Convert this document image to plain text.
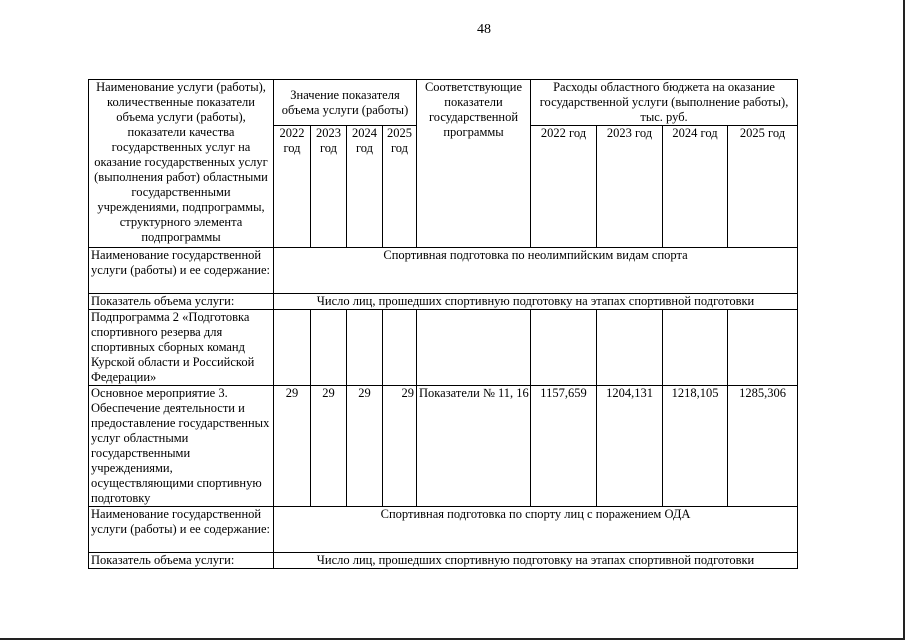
48
Наименование услуги (работы), количественные показатели объема услуги (работы), показатели качества государственных услуг на оказание государственных услуг (выполнения работ) областными государственными учреждениями, подпрограммы, структурного элемента подпрограммы	Значение показателя объема услуги (работы)				Соответствующие показатели государственной программы	Расходы областного бюджета на оказание государственной услуги (выполнение работы), тыс. руб.			
	2022 год	2023 год	2024 год	2025 год		2022 год	2023 год	2024 год	2025 год
Наименование государственной услуги (работы) и ее содержание:	Спортивная подготовка по неолимпийским видам спорта								
Показатель объема услуги:	Число лиц, прошедших спортивную подготовку на этапах спортивной подготовки								
Подпрограмма 2 «Подготовка спортивного резерва для спортивных сборных команд Курской области и Российской Федерации»									
Основное мероприятие 3. Обеспечение деятельности и предоставление государственных услуг областными государственными учреждениями, осуществляющими спортивную подготовку	29	29	29	29	Показатели № 11, 16	1157,659	1204,131	1218,105	1285,306
Наименование государственной услуги (работы) и ее содержание:	Спортивная подготовка по спорту лиц с поражением ОДА								
Показатель объема услуги:	Число лиц, прошедших спортивную подготовку на этапах спортивной подготовки								
